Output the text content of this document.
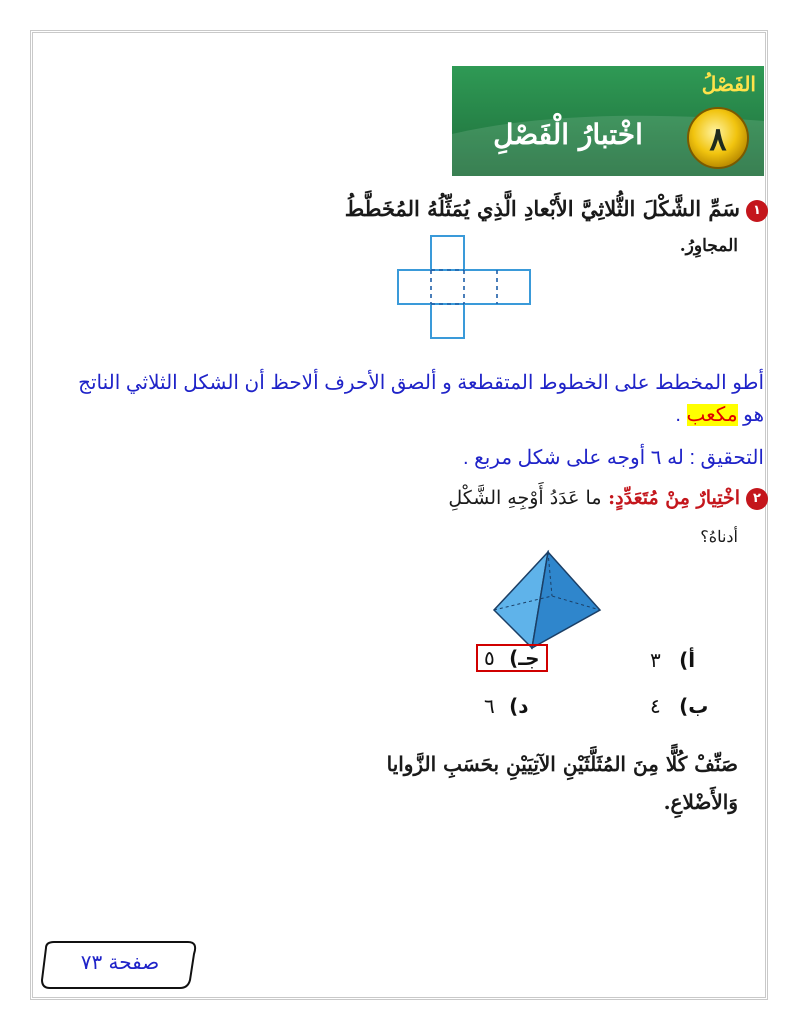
الفَصْلُ
٨
اخْتبارُ الْفَصْلِ
١سَمِّ الشَّكْلَ الثُّلاثِيَّ الأَبْعادِ الَّذِي يُمَثِّلُهُ المُخَطَّطُ
المجاوِرُ.
أطو المخطط على الخطوط المتقطعة و ألصق الأحرف ألاحظ أن الشكل الثلاثي الناتج
هو مكعب .
التحقيق : له ٦ أوجه على شكل مربع .
٢اخْتِيارٌ مِنْ مُتَعَدِّدٍ: ما عَدَدُ أَوْجِهِ الشَّكْلِ
أدناهُ؟
أ) ٣
جـ) ٥
ب) ٤
د) ٦
صَنِّفْ كُلًّا مِنَ المُثَلَّثَيْنِ الآتِيَيْنِ بحَسَبِ الزَّوايا
وَالأَضْلاعِ.
صفحة ٧٣
